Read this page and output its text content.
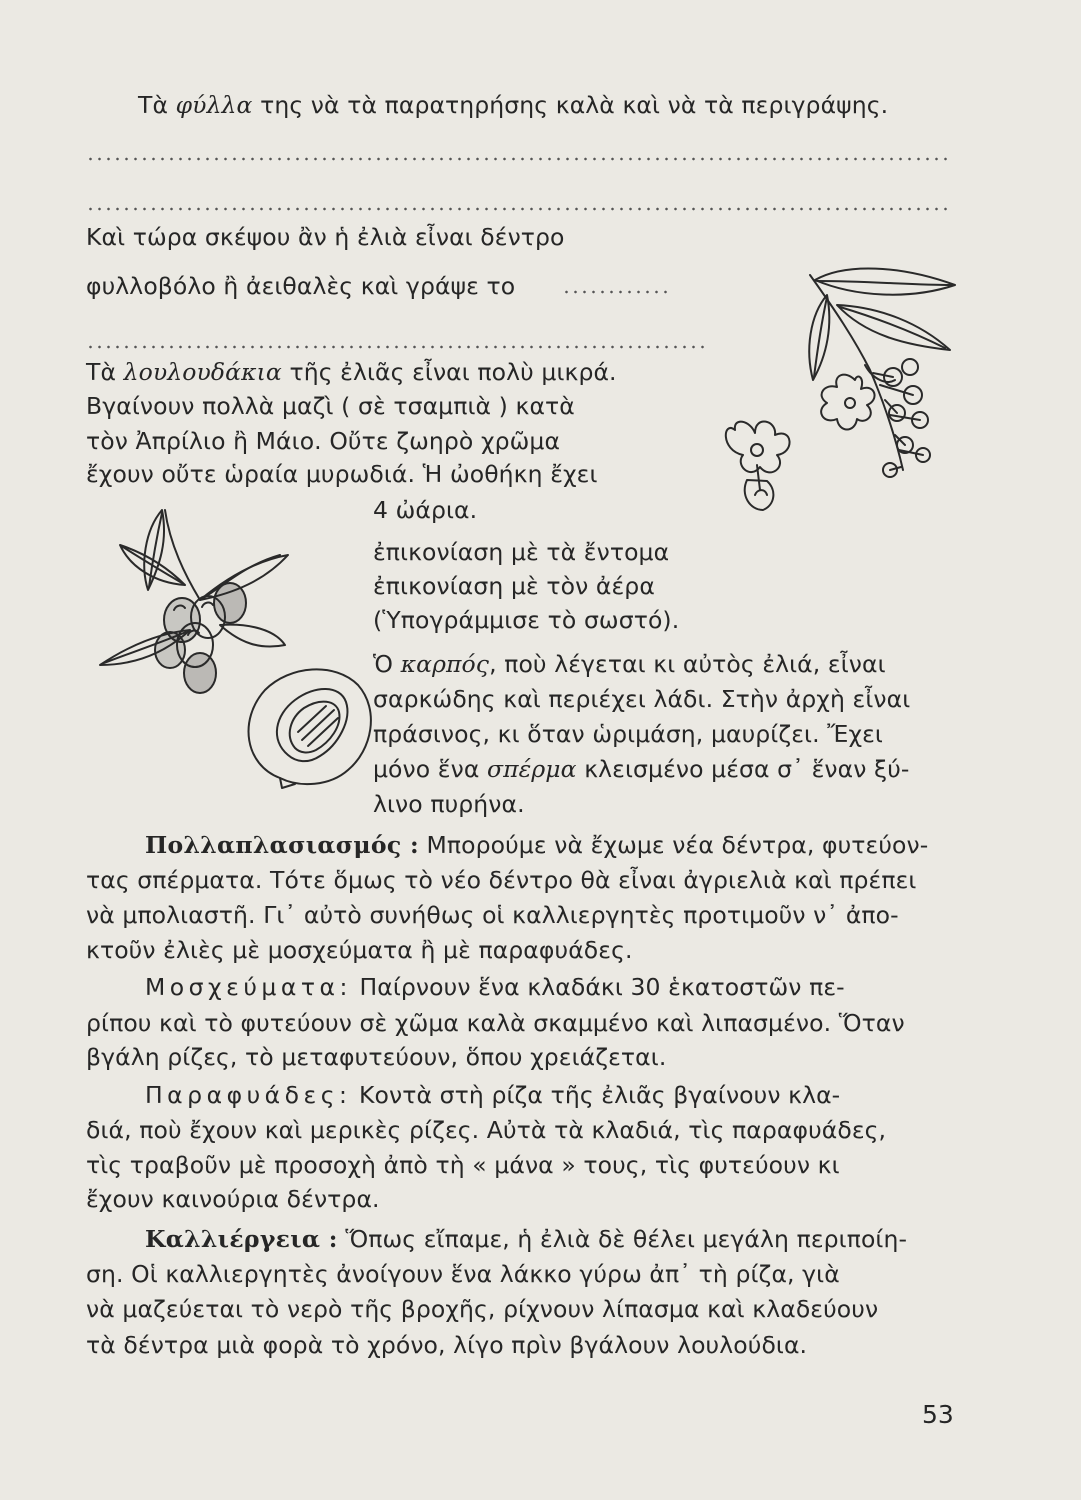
Τὰ φύλλα της νὰ τὰ παρατηρήσης καλὰ καὶ νὰ τὰ περιγράψης.

Καὶ τώρα σκέψου ἂν ἡ ἐλιὰ εἶναι δέντρο

φυλλοβόλο ἢ ἀειθαλὲς καὶ γράψε το

Τὰ λουλουδάκια τῆς ἐλιᾶς εἶναι πολὺ μικρά.

Βγαίνουν πολλὰ μαζὶ ( σὲ τσαμπιὰ ) κατὰ

τὸν Ἀπρίλιο ἢ Μάιο. Οὔτε ζωηρὸ χρῶμα

ἔχουν οὔτε ὡραία μυρωδιά. Ἡ ὠοθήκη ἔχει

4 ὠάρια.

ἐπικονίαση μὲ τὰ ἔντομα

ἐπικονίαση μὲ τὸν ἀέρα

(Ὑπογράμμισε τὸ σωστό).

Ὁ καρπός, ποὺ λέγεται κι αὐτὸς ἐλιά, εἶναι

σαρκώδης καὶ περιέχει λάδι. Στὴν ἀρχὴ εἶναι

πράσινος, κι ὅταν ὡριμάση, μαυρίζει. Ἔχει

μόνο ἕνα σπέρμα κλεισμένο μέσα σ᾽ ἕναν ξύ-

λινο πυρήνα.

Πολλαπλασιασμός : Μπορούμε νὰ ἔχωμε νέα δέντρα, φυτεύον-

τας σπέρματα. Τότε ὅμως τὸ νέο δέντρο θὰ εἶναι ἀγριελιὰ καὶ πρέπει

νὰ μπολιαστῆ. Γι᾽ αὐτὸ συνήθως οἱ καλλιεργητὲς προτιμοῦν ν᾽ ἀπο-

κτοῦν ἐλιὲς μὲ μοσχεύματα ἢ μὲ παραφυάδες.

Μοσχεύματα: Παίρνουν ἕνα κλαδάκι 30 ἑκατοστῶν πε-

ρίπου καὶ τὸ φυτεύουν σὲ χῶμα καλὰ σκαμμένο καὶ λιπασμένο. Ὅταν

βγάλη ρίζες, τὸ μεταφυτεύουν, ὅπου χρειάζεται.

Παραφυάδες: Κοντὰ στὴ ρίζα τῆς ἐλιᾶς βγαίνουν κλα-

διά, ποὺ ἔχουν καὶ μερικὲς ρίζες. Αὐτὰ τὰ κλαδιά, τὶς παραφυάδες,

τὶς τραβοῦν μὲ προσοχὴ ἀπὸ τὴ « μάνα » τους, τὶς φυτεύουν κι

ἔχουν καινούρια δέντρα.

Καλλιέργεια : Ὅπως εἴπαμε, ἡ ἐλιὰ δὲ θέλει μεγάλη περιποίη-

ση. Οἱ καλλιεργητὲς ἀνοίγουν ἕνα λάκκο γύρω ἀπ᾽ τὴ ρίζα, γιὰ

νὰ μαζεύεται τὸ νερὸ τῆς βροχῆς, ρίχνουν λίπασμα καὶ κλαδεύουν

τὰ δέντρα μιὰ φορὰ τὸ χρόνο, λίγο πρὶν βγάλουν λουλούδια.

53
